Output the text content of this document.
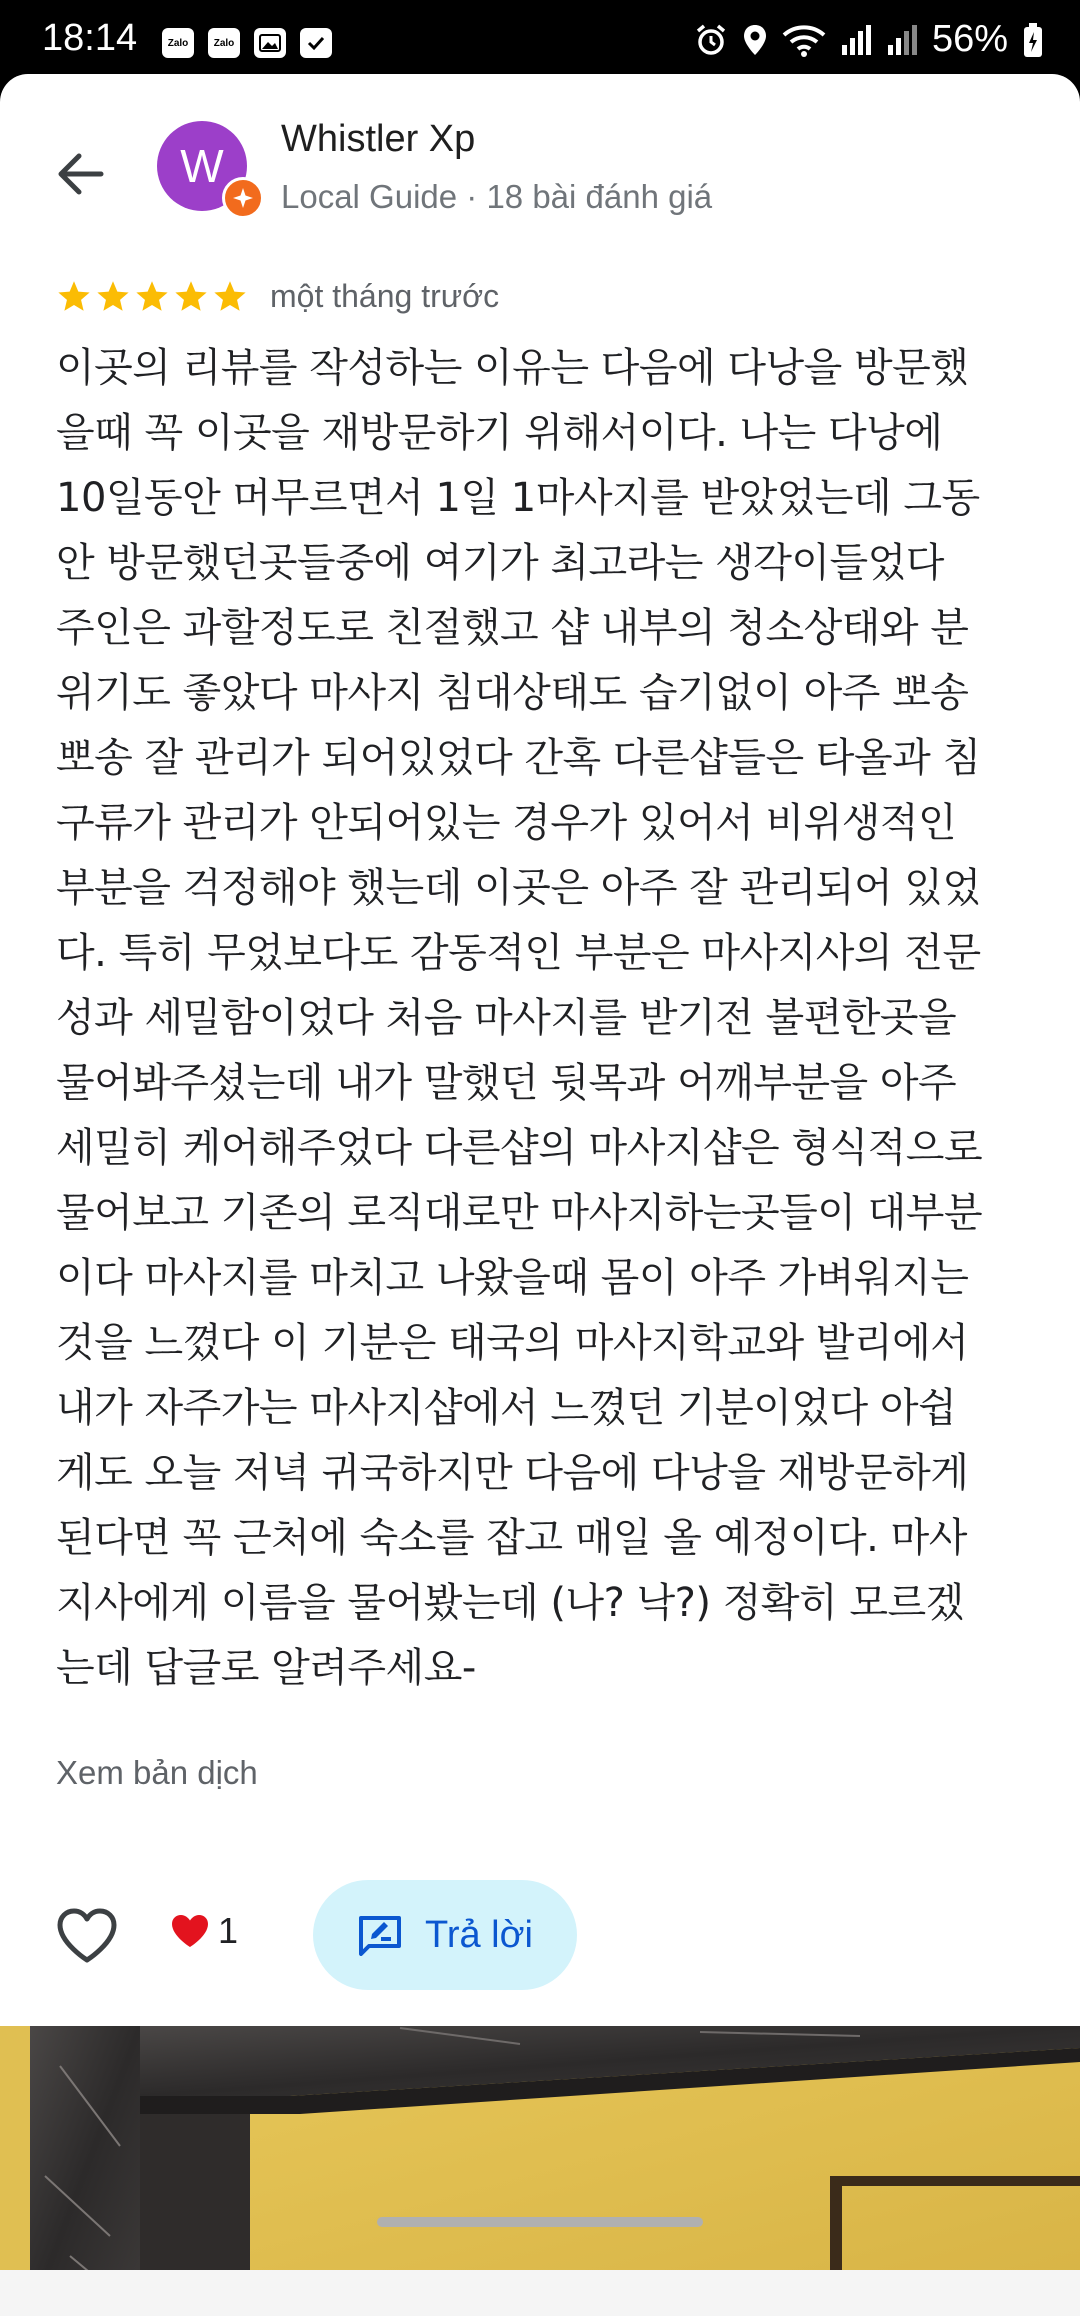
18:14	Zalo	Zalo	56%
W
Whistler Xp
Local Guide · 18 bài đánh giá
một tháng trước
이곳의 리뷰를 작성하는 이유는 다음에 다낭을 방문했
을때 꼭 이곳을 재방문하기 위해서이다. 나는 다낭에
10일동안 머무르면서 1일 1마사지를 받았었는데 그동
안 방문했던곳들중에 여기가 최고라는 생각이들었다
주인은 과할정도로 친절했고 샵 내부의 청소상태와 분
위기도 좋았다 마사지 침대상태도 습기없이 아주 뽀송
뽀송 잘 관리가 되어있었다 간혹 다른샵들은 타올과 침
구류가 관리가 안되어있는 경우가 있어서 비위생적인
부분을 걱정해야 했는데 이곳은 아주 잘 관리되어 있었
다. 특히 무었보다도 감동적인 부분은 마사지사의 전문
성과 세밀함이었다 처음 마사지를 받기전 불편한곳을
물어봐주셨는데 내가 말했던 뒷목과 어깨부분을 아주
세밀히 케어해주었다 다른샵의 마사지샵은 형식적으로
물어보고 기존의 로직대로만 마사지하는곳들이 대부분
이다 마사지를 마치고 나왔을때 몸이 아주 가벼워지는
것을 느꼈다 이 기분은 태국의 마사지학교와 발리에서
내가 자주가는 마사지샵에서 느꼈던 기분이었다 아쉽
게도 오늘 저녁 귀국하지만 다음에 다낭을 재방문하게
된다면 꼭 근처에 숙소를 잡고 매일 올 예정이다. 마사
지사에게 이름을 물어봤는데 (나? 낙?) 정확히 모르겠
는데 답글로 알려주세요-
Xem bản dịch
1	Trả lời
